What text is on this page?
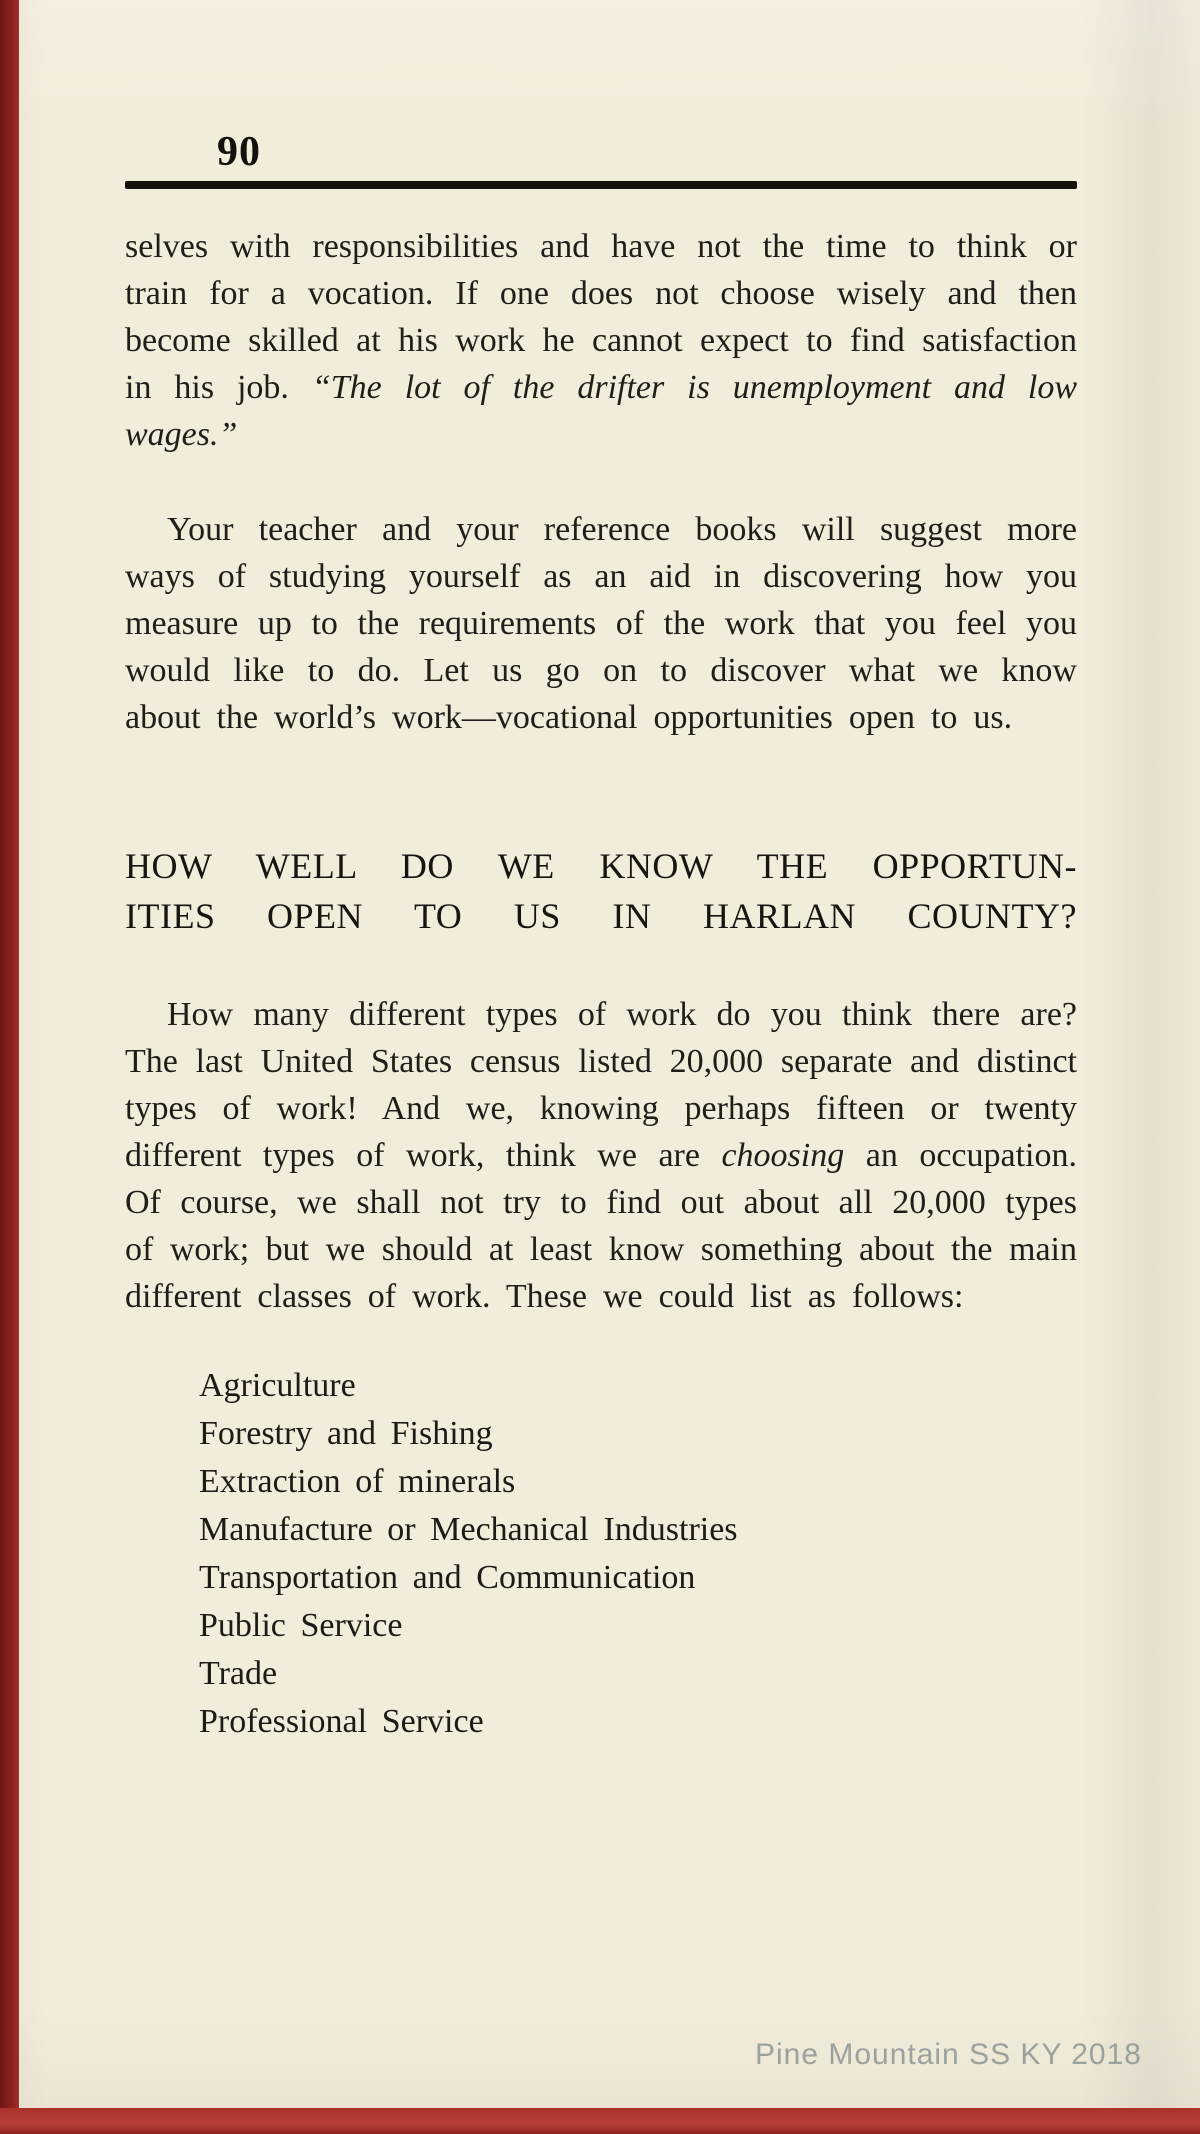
90

selves with responsibilities and have not the time to think or train for a vocation. If one does not choose wisely and then become skilled at his work he cannot expect to find satisfaction in his job. “The lot of the drifter is unemployment and low wages.”

Your teacher and your reference books will suggest more ways of studying yourself as an aid in discovering how you measure up to the requirements of the work that you feel you would like to do. Let us go on to discover what we know about the world’s work—vocational opportunities open to us.

HOW WELL DO WE KNOW THE OPPORTUN-
ITIES OPEN TO US IN HARLAN COUNTY?

How many different types of work do you think there are? The last United States census listed 20,000 separate and distinct types of work! And we, knowing perhaps fifteen or twenty different types of work, think we are choosing an occupation. Of course, we shall not try to find out about all 20,000 types of work; but we should at least know something about the main different classes of work. These we could list as follows:

Agriculture
Forestry and Fishing
Extraction of minerals
Manufacture or Mechanical Industries
Transportation and Communication
Public Service
Trade
Professional Service
Pine Mountain SS KY 2018
